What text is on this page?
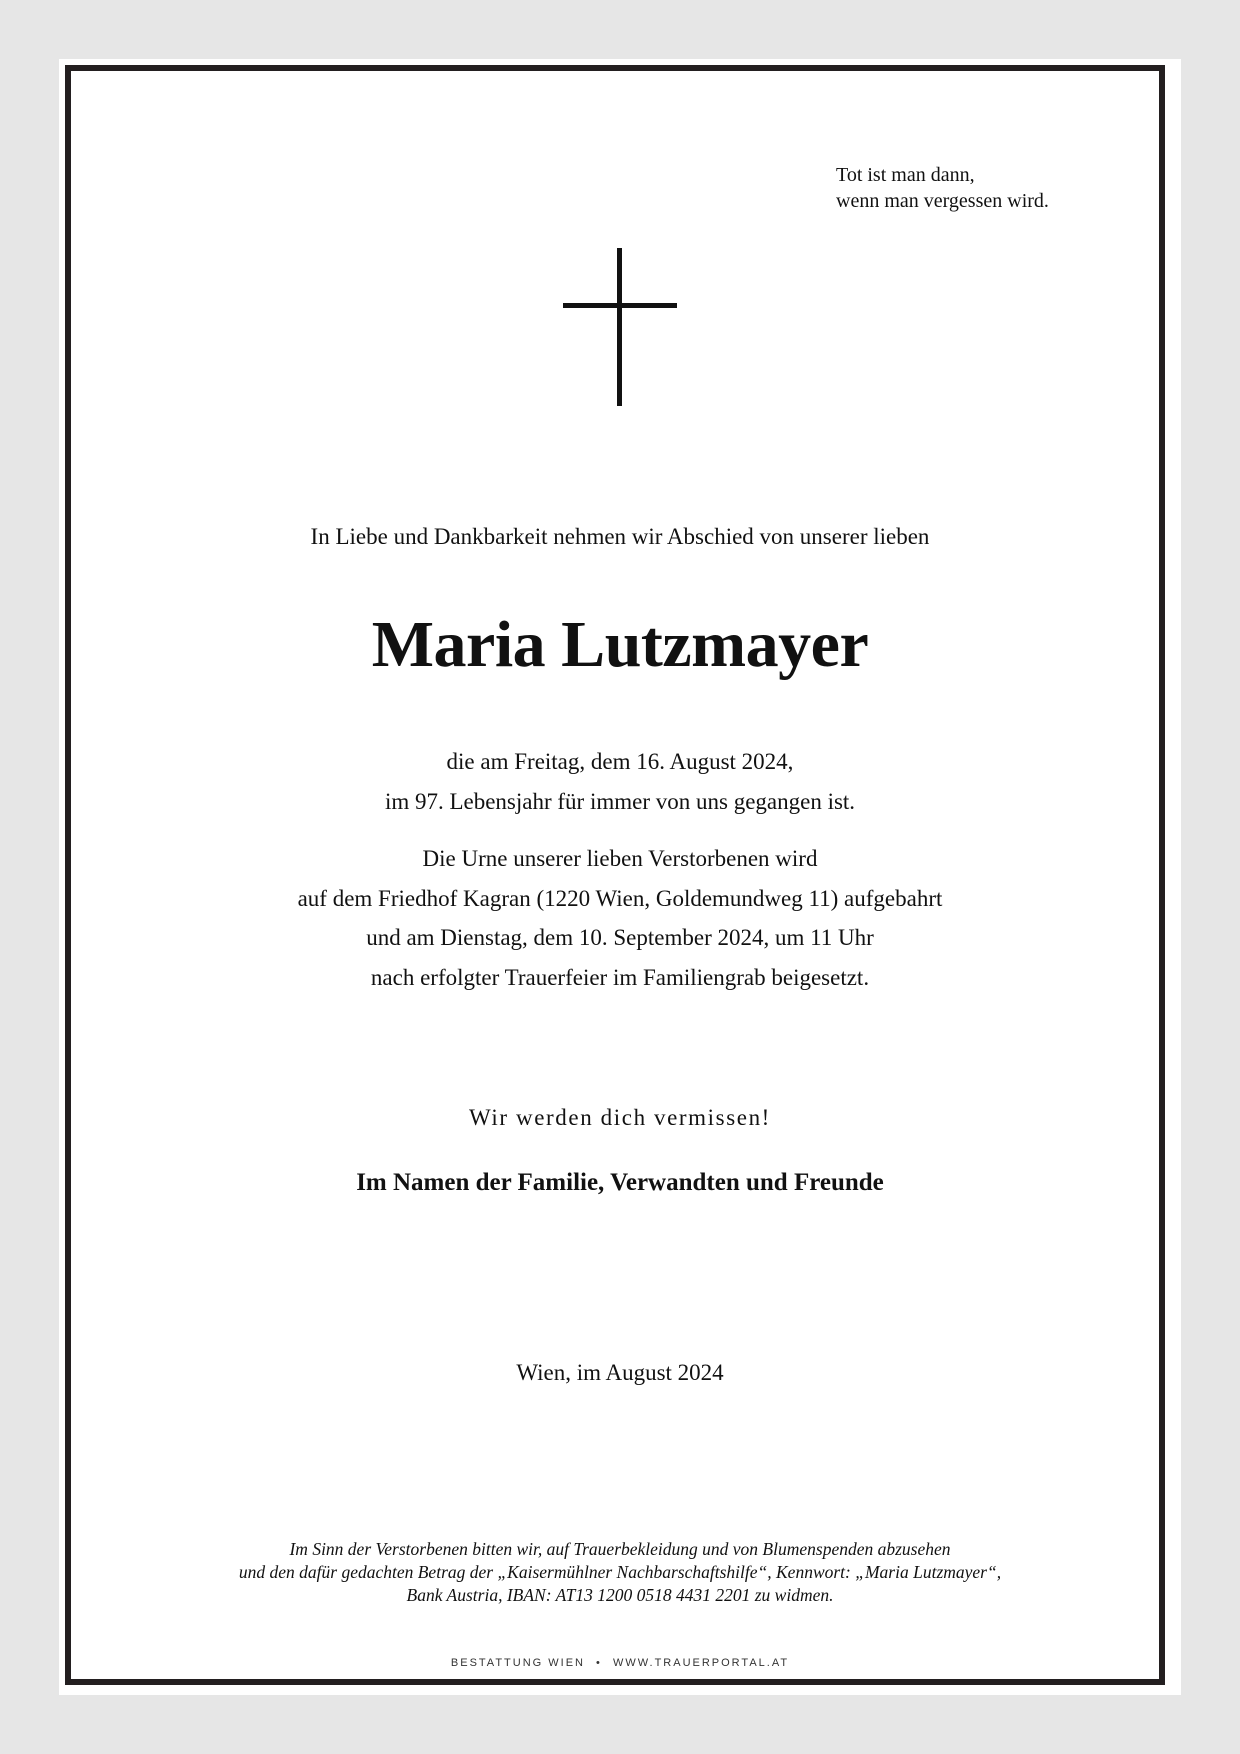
Tot ist man dann,
wenn man vergessen wird.
In Liebe und Dankbarkeit nehmen wir Abschied von unserer lieben
Maria Lutzmayer
die am Freitag, dem 16. August 2024,
im 97. Lebensjahr für immer von uns gegangen ist.
Die Urne unserer lieben Verstorbenen wird
auf dem Friedhof Kagran (1220 Wien, Goldemundweg 11) aufgebahrt
und am Dienstag, dem 10. September 2024, um 11 Uhr
nach erfolgter Trauerfeier im Familiengrab beigesetzt.
Wir werden dich vermissen!
Im Namen der Familie, Verwandten und Freunde
Wien, im August 2024
Im Sinn der Verstorbenen bitten wir, auf Trauerbekleidung und von Blumenspenden abzusehen
und den dafür gedachten Betrag der „Kaisermühlner Nachbarschaftshilfe“, Kennwort: „Maria Lutzmayer“,
Bank Austria, IBAN: AT13 1200 0518 4431 2201 zu widmen.
BESTATTUNG WIEN • WWW.TRAUERPORTAL.AT
